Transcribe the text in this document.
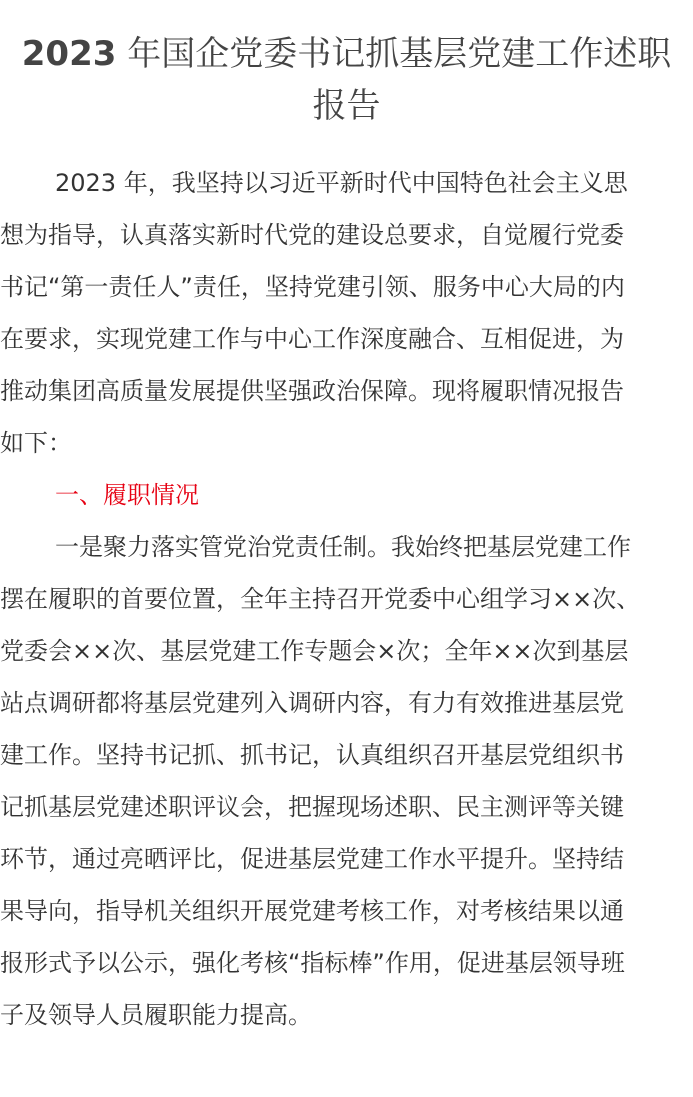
2023 年国企党委书记抓基层党建工作述职
报告

2023 年，我坚持以习近平新时代中国特色社会主义思

想为指导，认真落实新时代党的建设总要求，自觉履行党委

书记“第一责任人”责任，坚持党建引领、服务中心大局的内

在要求，实现党建工作与中心工作深度融合、互相促进，为

推动集团高质量发展提供坚强政治保障。现将履职情况报告

如下：

一、履职情况

一是聚力落实管党治党责任制。我始终把基层党建工作

摆在履职的首要位置，全年主持召开党委中心组学习××次、

党委会××次、基层党建工作专题会×次；全年××次到基层

站点调研都将基层党建列入调研内容，有力有效推进基层党

建工作。坚持书记抓、抓书记，认真组织召开基层党组织书

记抓基层党建述职评议会，把握现场述职、民主测评等关键

环节，通过亮晒评比，促进基层党建工作水平提升。坚持结

果导向，指导机关组织开展党建考核工作，对考核结果以通

报形式予以公示，强化考核“指标棒”作用，促进基层领导班

子及领导人员履职能力提高。
